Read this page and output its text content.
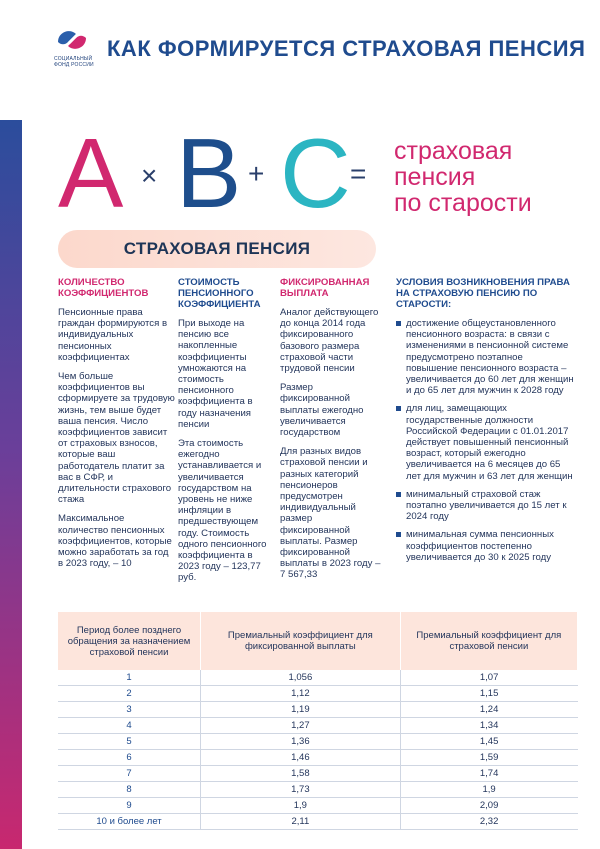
СОЦИАЛЬНЫЙ
ФОНД РОССИИ
КАК ФОРМИРУЕТСЯ СТРАХОВАЯ ПЕНСИЯ
A × B + C =
страховая
пенсия
по старости
СТРАХОВАЯ ПЕНСИЯ
КОЛИЧЕСТВО КОЭФФИЦИЕНТОВ

Пенсионные права граждан формируются в индивидуальных пенсионных коэффициентах

Чем больше коэффициентов вы сформируете за трудовую жизнь, тем выше будет ваша пенсия. Число коэффициентов зависит от страховых взносов, которые ваш работодатель платит за вас в СФР, и длительности страхового стажа

Максимальное количество пенсионных коэффициентов, которые можно заработать за год в 2023 году, – 10

СТОИМОСТЬ ПЕНСИОННОГО КОЭФФИЦИЕНТА

При выходе на пенсию все накопленные коэффициенты умножаются на стоимость пенсионного коэффициента в году назначения пенсии

Эта стоимость ежегодно устанавливается и увеличивается государством на уровень не ниже инфляции в предшествующем году. Стоимость одного пенсионного коэффициента в 2023 году – 123,77 руб.

ФИКСИРОВАННАЯ ВЫПЛАТА

Аналог действующего до конца 2014 года фиксированного базового размера страховой части трудовой пенсии

Размер фиксированной выплаты ежегодно увеличивается государством

Для разных видов страховой пенсии и разных категорий пенсионеров предусмотрен индивидуальный размер фиксированной выплаты. Размер фиксированной выплаты в 2023 году – 7 567,33

УСЛОВИЯ ВОЗНИКНОВЕНИЯ ПРАВА НА СТРАХОВУЮ ПЕНСИЮ ПО СТАРОСТИ:
достижение общеустановленного пенсионного возраста: в связи с изменениями в пенсионной системе предусмотрено поэтапное повышение пенсионного возраста – увеличивается до 60 лет для женщин и до 65 лет для мужчин к 2028 году
для лиц, замещающих государственные должности Российской Федерации с 01.01.2017 действует повышенный пенсионный возраст, который ежегодно увеличивается на 6 месяцев до 65 лет для мужчин и 63 лет для женщин
минимальный страховой стаж поэтапно увеличивается до 15 лет к 2024 году
минимальная сумма пенсионных коэффициентов постепенно увеличивается до 30 к 2025 году
Период более позднего обращения за назначением страховой пенсии	Премиальный коэффициент для фиксированной выплаты	Премиальный коэффициент для страховой пенсии
1	1,056	1,07
2	1,12	1,15
3	1,19	1,24
4	1,27	1,34
5	1,36	1,45
6	1,46	1,59
7	1,58	1,74
8	1,73	1,9
9	1,9	2,09
10 и более лет	2,11	2,32
